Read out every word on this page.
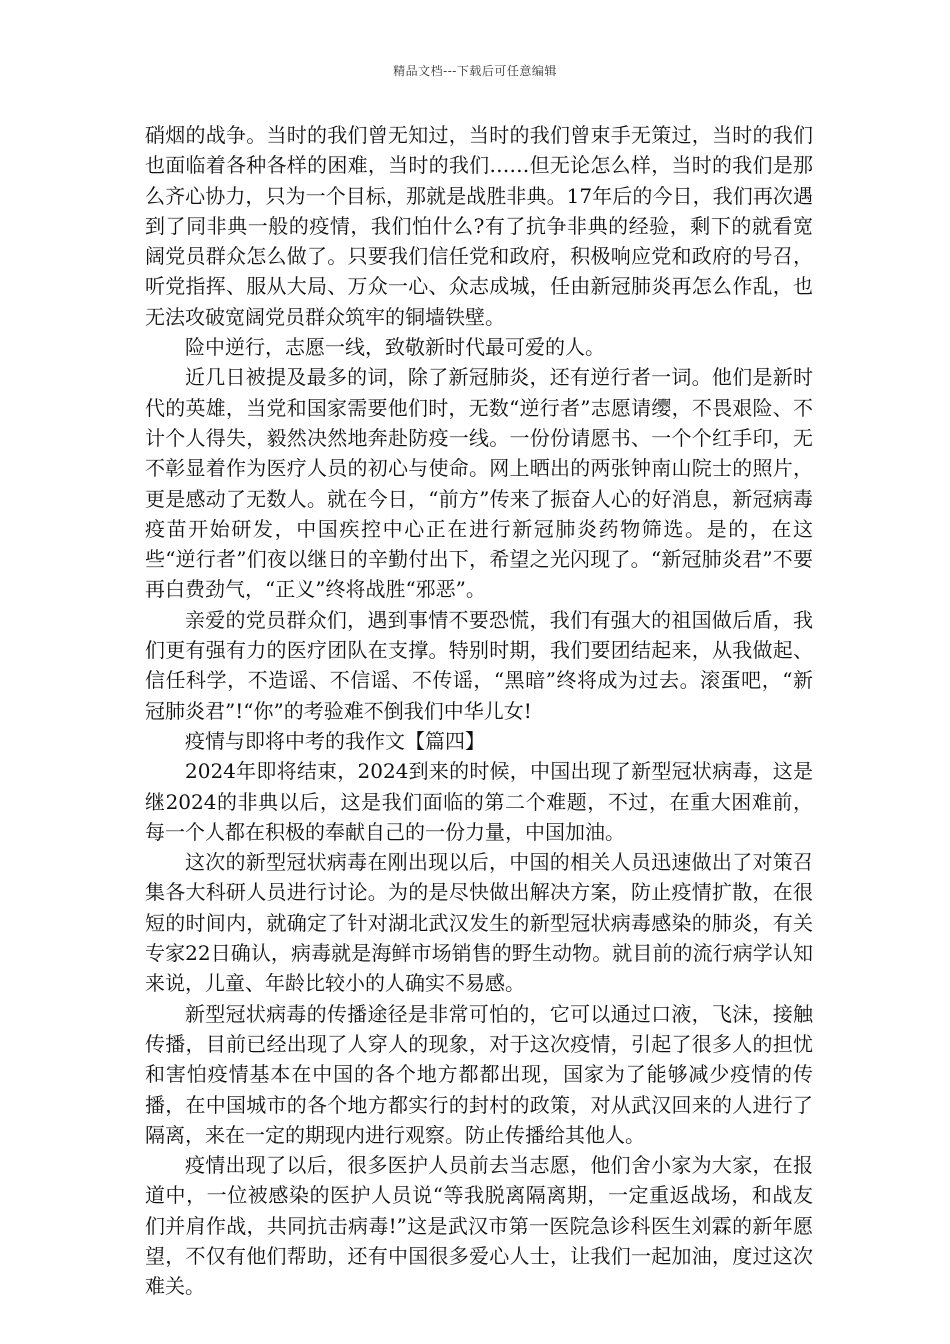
精品文档---下载后可任意编辑

硝烟的战争。当时的我们曾无知过，当时的我们曾束手无策过，当时的我们也面临着各种各样的困难，当时的我们……但无论怎么样，当时的我们是那么齐心协力，只为一个目标，那就是战胜非典。17年后的今日，我们再次遇到了同非典一般的疫情，我们怕什么?有了抗争非典的经验，剩下的就看宽阔党员群众怎么做了。只要我们信任党和政府，积极响应党和政府的号召，听党指挥、服从大局、万众一心、众志成城，任由新冠肺炎再怎么作乱，也无法攻破宽阔党员群众筑牢的铜墙铁壁。

险中逆行，志愿一线，致敬新时代最可爱的人。

近几日被提及最多的词，除了新冠肺炎，还有逆行者一词。他们是新时代的英雄，当党和国家需要他们时，无数“逆行者”志愿请缨，不畏艰险、不计个人得失，毅然决然地奔赴防疫一线。一份份请愿书、一个个红手印，无不彰显着作为医疗人员的初心与使命。网上晒出的两张钟南山院士的照片，更是感动了无数人。就在今日，“前方”传来了振奋人心的好消息，新冠病毒疫苗开始研发，中国疾控中心正在进行新冠肺炎药物筛选。是的，在这些“逆行者”们夜以继日的辛勤付出下，希望之光闪现了。“新冠肺炎君”不要再白费劲气，“正义”终将战胜“邪恶”。

亲爱的党员群众们，遇到事情不要恐慌，我们有强大的祖国做后盾，我们更有强有力的医疗团队在支撑。特别时期，我们要团结起来，从我做起、信任科学，不造谣、不信谣、不传谣，“黑暗”终将成为过去。滚蛋吧，“新冠肺炎君”!“你”的考验难不倒我们中华儿女!

疫情与即将中考的我作文【篇四】

2024年即将结束，2024到来的时候，中国出现了新型冠状病毒，这是继2024的非典以后，这是我们面临的第二个难题，不过，在重大困难前，每一个人都在积极的奉献自己的一份力量，中国加油。

这次的新型冠状病毒在刚出现以后，中国的相关人员迅速做出了对策召集各大科研人员进行讨论。为的是尽快做出解决方案，防止疫情扩散，在很短的时间内，就确定了针对湖北武汉发生的新型冠状病毒感染的肺炎，有关专家22日确认，病毒就是海鲜市场销售的野生动物。就目前的流行病学认知来说，儿童、年龄比较小的人确实不易感。

新型冠状病毒的传播途径是非常可怕的，它可以通过口液，飞沫，接触传播，目前已经出现了人穿人的现象，对于这次疫情，引起了很多人的担忧和害怕疫情基本在中国的各个地方都都出现，国家为了能够减少疫情的传播，在中国城市的各个地方都实行的封村的政策，对从武汉回来的人进行了隔离，来在一定的期现内进行观察。防止传播给其他人。

疫情出现了以后，很多医护人员前去当志愿，他们舍小家为大家，在报道中，一位被感染的医护人员说“等我脱离隔离期，一定重返战场，和战友们并肩作战，共同抗击病毒!”这是武汉市第一医院急诊科医生刘霖的新年愿望，不仅有他们帮助，还有中国很多爱心人士，让我们一起加油，度过这次难关。
